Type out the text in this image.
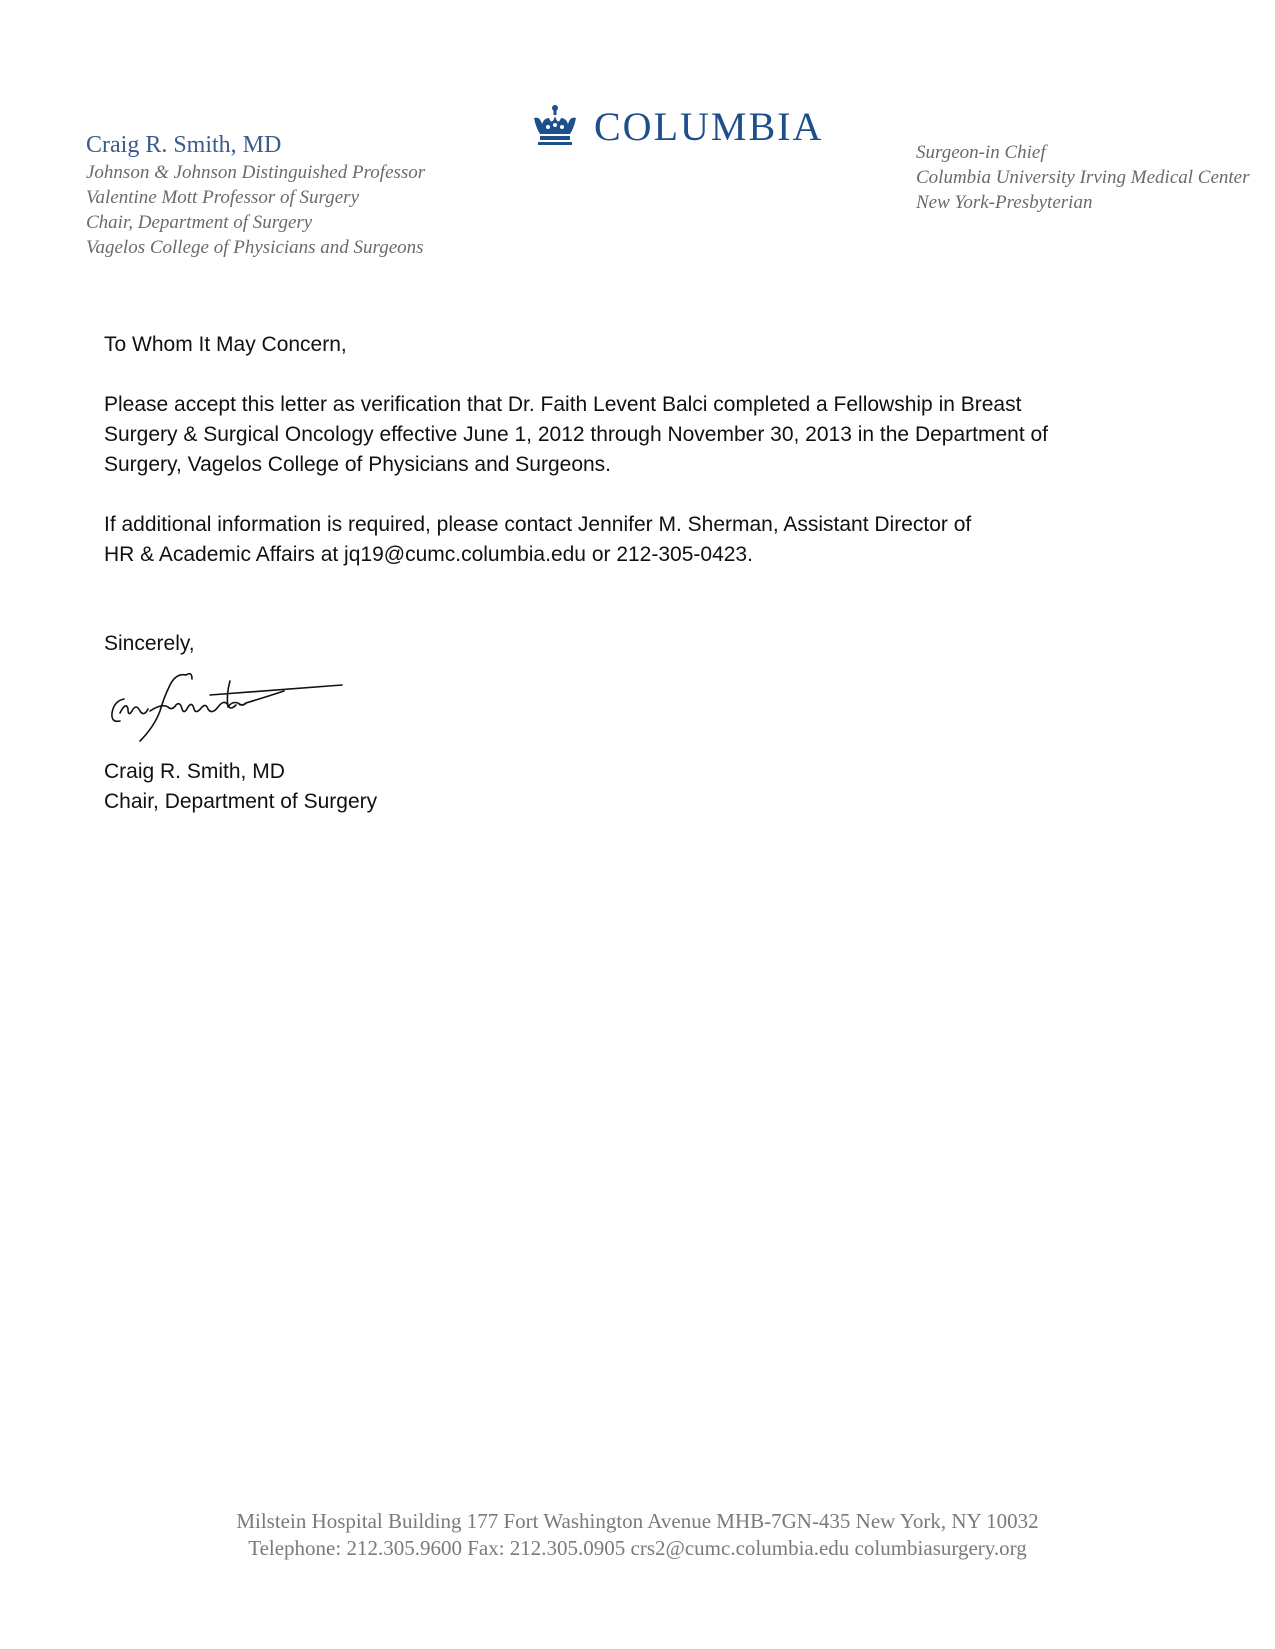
Craig R. Smith, MD
Johnson & Johnson Distinguished Professor
Valentine Mott Professor of Surgery
Chair, Department of Surgery
Vagelos College of Physicians and Surgeons
COLUMBIA
Surgeon-in Chief
Columbia University Irving Medical Center
New York-Presbyterian

To Whom It May Concern,

Please accept this letter as verification that Dr. Faith Levent Balci completed a Fellowship in Breast

Surgery & Surgical Oncology effective June 1, 2012 through November 30, 2013 in the Department of

Surgery, Vagelos College of Physicians and Surgeons.

If additional information is required, please contact Jennifer M. Sherman, Assistant Director of

HR & Academic Affairs at jq19@cumc.columbia.edu or 212-305-0423.

Sincerely,

Craig R. Smith, MD

Chair, Department of Surgery

Milstein Hospital Building 177 Fort Washington Avenue MHB-7GN-435 New York, NY 10032
Telephone: 212.305.9600 Fax: 212.305.0905 crs2@cumc.columbia.edu columbiasurgery.org
